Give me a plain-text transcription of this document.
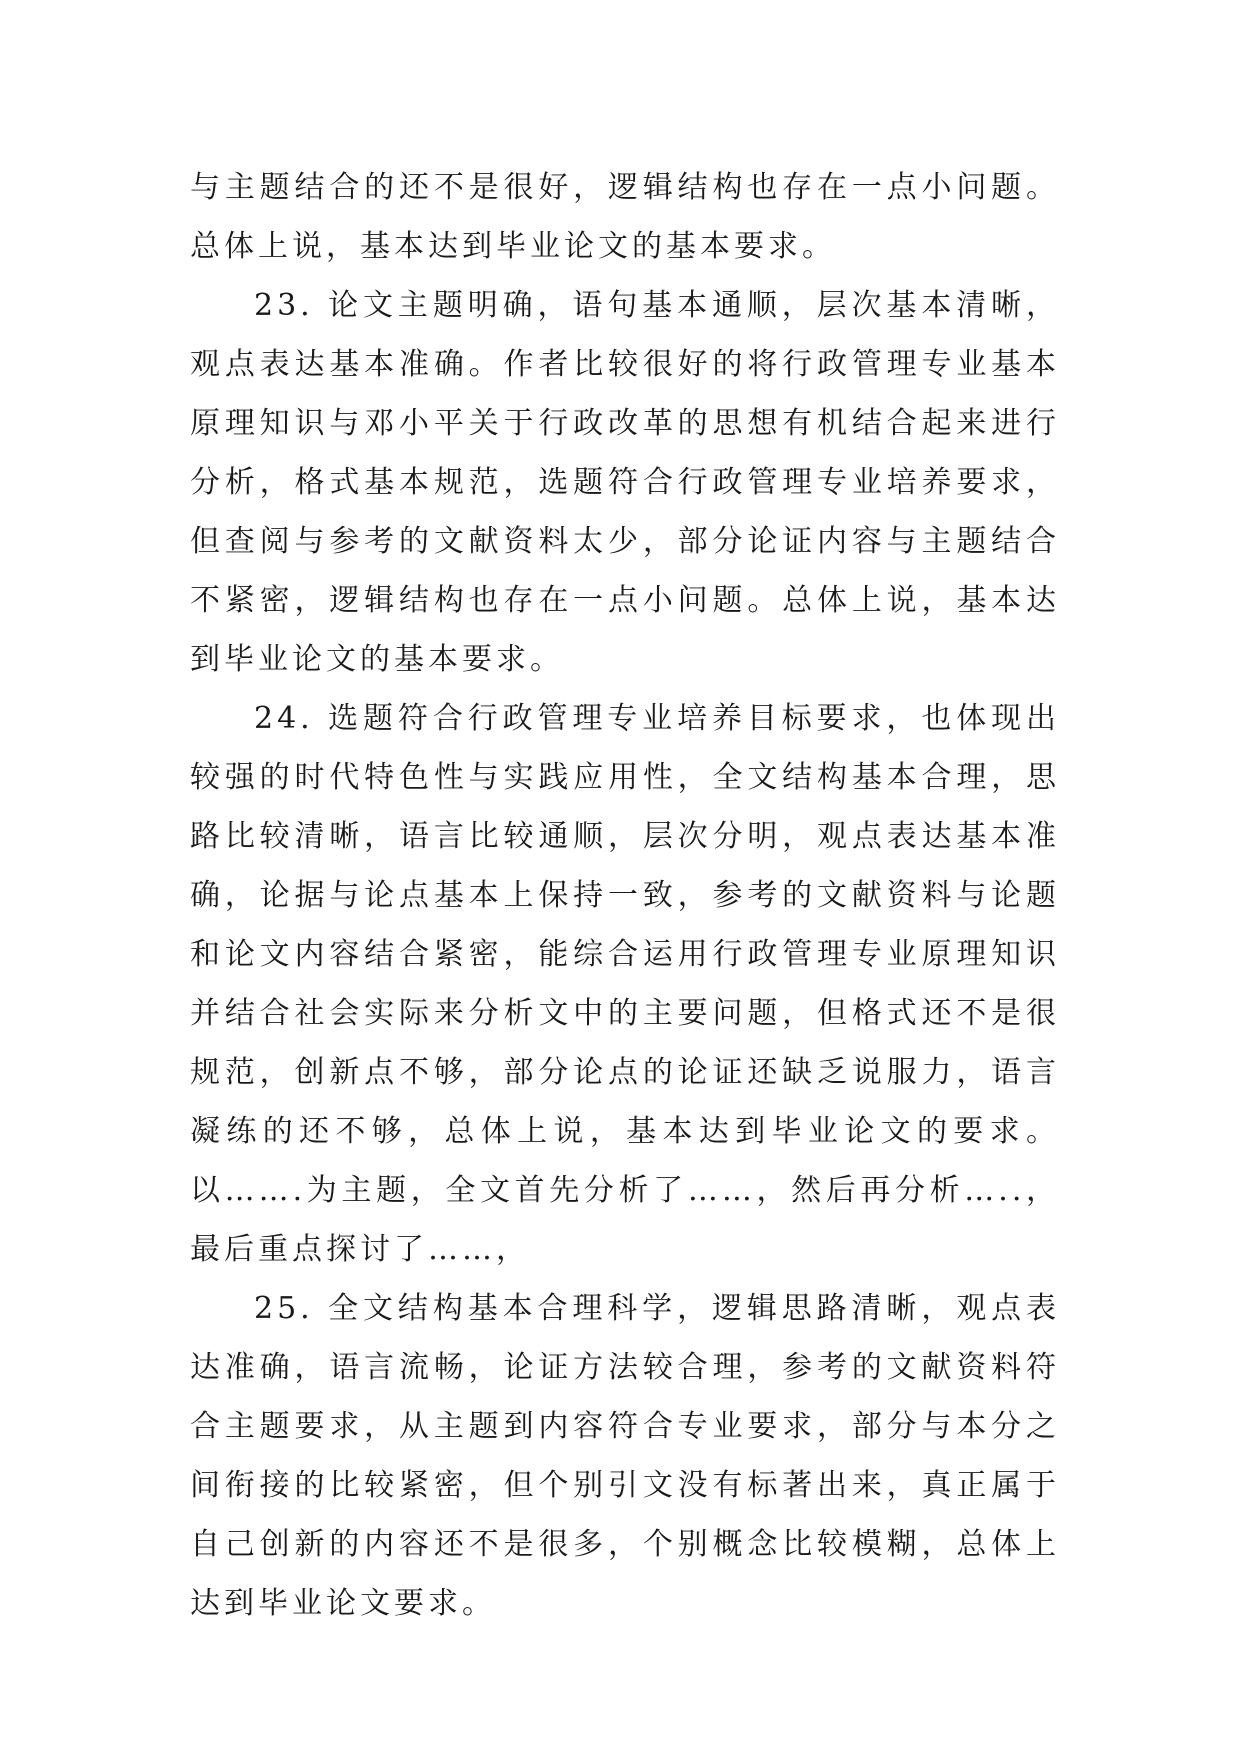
与主题结合的还不是很好，逻辑结构也存在一点小问题。总体上说，基本达到毕业论文的基本要求。

23. 论文主题明确，语句基本通顺，层次基本清晰，观点表达基本准确。作者比较很好的将行政管理专业基本原理知识与邓小平关于行政改革的思想有机结合起来进行分析，格式基本规范，选题符合行政管理专业培养要求，但查阅与参考的文献资料太少，部分论证内容与主题结合不紧密，逻辑结构也存在一点小问题。总体上说，基本达到毕业论文的基本要求。

24. 选题符合行政管理专业培养目标要求，也体现出较强的时代特色性与实践应用性，全文结构基本合理，思路比较清晰，语言比较通顺，层次分明，观点表达基本准确，论据与论点基本上保持一致，参考的文献资料与论题和论文内容结合紧密，能综合运用行政管理专业原理知识并结合社会实际来分析文中的主要问题，但格式还不是很规范，创新点不够，部分论点的论证还缺乏说服力，语言凝练的还不够，总体上说，基本达到毕业论文的要求。以…….为主题，全文首先分析了……，然后再分析…..，最后重点探讨了……，

25. 全文结构基本合理科学，逻辑思路清晰，观点表达准确，语言流畅，论证方法较合理，参考的文献资料符合主题要求，从主题到内容符合专业要求，部分与本分之间衔接的比较紧密，但个别引文没有标著出来，真正属于自己创新的内容还不是很多，个别概念比较模糊，总体上达到毕业论文要求。
